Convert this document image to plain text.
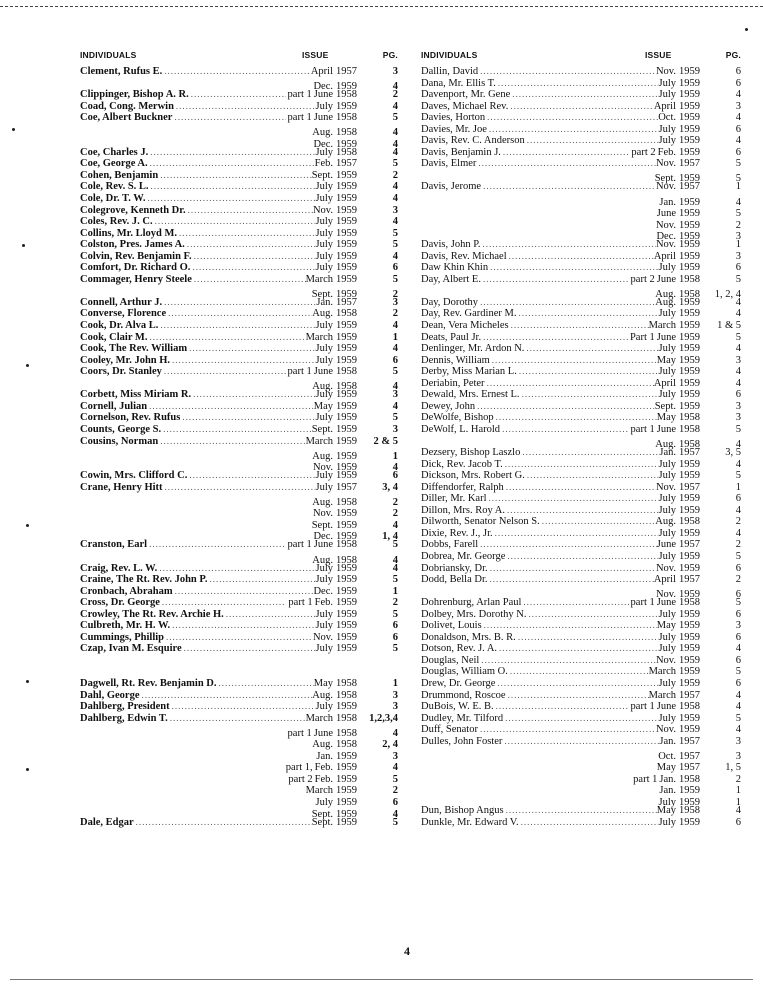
INDIVIDUALS	ISSUE	PG.
Clement, Rufus E. .....	April 1957	3
Dec. 1959	4
Clippinger, Bishop A. R. .....	part 1 June 1958	2
Coad, Cong. Merwin .....	July 1959	4
Coe, Albert Buckner .....	part 1 June 1958	5
Aug. 1958	4
Dec. 1959	4
Coe, Charles J. .....	July 1958	4
Coe, George A. .....	Feb. 1957	5
Cohen, Benjamin .....	Sept. 1959	2
Cole, Rev. S. L. .....	July 1959	4
Cole, Dr. T. W. .....	July 1959	4
Colegrove, Kenneth Dr. .....	Nov. 1959	3
Coles, Rev. J. C. .....	July 1959	4
Collins, Mr. Lloyd M. .....	July 1959	5
Colston, Pres. James A. .....	July 1959	5
Colvin, Rev. Benjamin F. .....	July 1959	4
Comfort, Dr. Richard O. .....	July 1959	6
Commager, Henry Steele .....	March 1959	5
Sept. 1959	2
Connell, Arthur J. .....	Jan. 1957	3
Converse, Florence .....	Aug. 1958	2
Cook, Dr. Alva L. .....	July 1959	4
Cook, Clair M. .....	March 1959	1
Cook, The Rev. William .....	July 1959	4
Cooley, Mr. John H. .....	July 1959	6
Coors, Dr. Stanley .....	part 1 June 1958	5
Aug. 1958	4
Corbett, Miss Miriam R. .....	July 1959	3
Cornell, Julian .....	May 1959	4
Cornelson, Rev. Rufus .....	July 1959	5
Counts, George S. .....	Sept. 1959	3
Cousins, Norman .....	March 1959	2 & 5
Aug. 1959	1
Nov. 1959	4
Cowin, Mrs. Clifford C. .....	July 1959	6
Crane, Henry Hitt .....	July 1957	3, 4
Aug. 1958	2
Nov. 1959	2
Sept. 1959	4
Dec. 1959	1, 4
Cranston, Earl .....	part 1 June 1958	5
Aug. 1958	4
Craig, Rev. L. W. .....	July 1959	4
Craine, The Rt. Rev. John P. .....	July 1959	5
Cronbach, Abraham .....	Dec. 1959	1
Cross, Dr. George .....	part 1 Feb. 1959	2
Crowley, The Rt. Rev. Archie H. .....	July 1959	5
Culbreth, Mr. H. W. .....	July 1959	6
Cummings, Phillip .....	Nov. 1959	6
Czap, Ivan M. Esquire .....	July 1959	5
Dagwell, Rt. Rev. Benjamin D. .....	May 1958	1
Dahl, George .....	Aug. 1958	3
Dahlberg, President .....	July 1959	3
Dahlberg, Edwin T. .....	March 1958	1,2,3,4
part 1 June 1958	4
Aug. 1958	2, 4
Jan. 1959	3
part 1, Feb. 1959	4
part 2 Feb. 1959	5
March 1959	2
July 1959	6
Sept. 1959	4
Dale, Edgar .....	Sept. 1959	5
INDIVIDUALS	ISSUE	PG.
Dallin, David .....	Nov. 1959	6
Dana, Mr. Ellis T. .....	July 1959	6
Davenport, Mr. Gene .....	July 1959	4
Daves, Michael Rev. .....	April 1959	3
Davies, Horton .....	Oct. 1959	4
Davies, Mr. Joe .....	July 1959	6
Davis, Rev. C. Anderson .....	July 1959	4
Davis, Benjamin J. .....	part 2 Feb. 1959	6
Davis, Elmer .....	Nov. 1957	5
Sept. 1959	5
Davis, Jerome .....	Nov. 1957	1
Jan. 1959	4
June 1959	5
Nov. 1959	2
Dec. 1959	3
Davis, John P. .....	Nov. 1959	1
Davis, Rev. Michael .....	April 1959	3
Daw Khin Khin .....	July 1959	6
Day, Albert E. .....	part 2 June 1958	5
Aug. 1958	1, 2, 4
Day, Dorothy .....	Aug. 1959	4
Day, Rev. Gardiner M. .....	July 1959	4
Dean, Vera Micheles .....	March 1959	1 & 5
Deats, Paul Jr. .....	Part 1 June 1959	5
Denlinger, Mr. Ardon N. .....	July 1959	4
Dennis, William .....	May 1959	3
Derby, Miss Marian L. .....	July 1959	4
Deriabin, Peter .....	April 1959	4
Dewald, Mrs. Ernest L. .....	July 1959	6
Dewey, John .....	Sept. 1959	3
DeWolfe, Bishop .....	May 1958	3
DeWolf, L. Harold .....	part 1 June 1958	5
Aug. 1958	4
Dezsery, Bishop Laszlo .....	Jan. 1957	3, 5
Dick, Rev. Jacob T. .....	July 1959	4
Dickson, Mrs. Robert G. .....	July 1959	5
Diffendorfer, Ralph .....	Nov. 1957	1
Diller, Mr. Karl .....	July 1959	6
Dillon, Mrs. Roy A. .....	July 1959	4
Dilworth, Senator Nelson S. .....	Aug. 1958	2
Dixie, Rev. J., Jr. .....	July 1959	4
Dobbs, Farell .....	June 1957	2
Dobrea, Mr. George .....	July 1959	5
Dobriansky, Dr. .....	Nov. 1959	6
Dodd, Bella Dr. .....	April 1957	2
Nov. 1959	6
Dohrenburg, Arlan Paul .....	part 1 June 1958	5
Dolbey, Mrs. Dorothy N. .....	July 1959	6
Dolivet, Louis .....	May 1959	3
Donaldson, Mrs. B. R. .....	July 1959	6
Dotson, Rev. J. A. .....	July 1959	4
Douglas, Neil .....	Nov. 1959	6
Douglas, William O. .....	March 1959	5
Drew, Dr. George .....	July 1959	6
Drummond, Roscoe .....	March 1957	4
DuBois, W. E. B. .....	part 1 June 1958	4
Dudley, Mr. Tilford .....	July 1959	5
Duff, Senator .....	Nov. 1959	4
Dulles, John Foster .....	Jan. 1957	3
Oct. 1957	3
May 1957	1, 5
part 1 Jan. 1958	2
Jan. 1959	1
July 1959	1
Dun, Bishop Angus .....	May 1958	4
Dunkle, Mr. Edward V. .....	July 1959	6
4
